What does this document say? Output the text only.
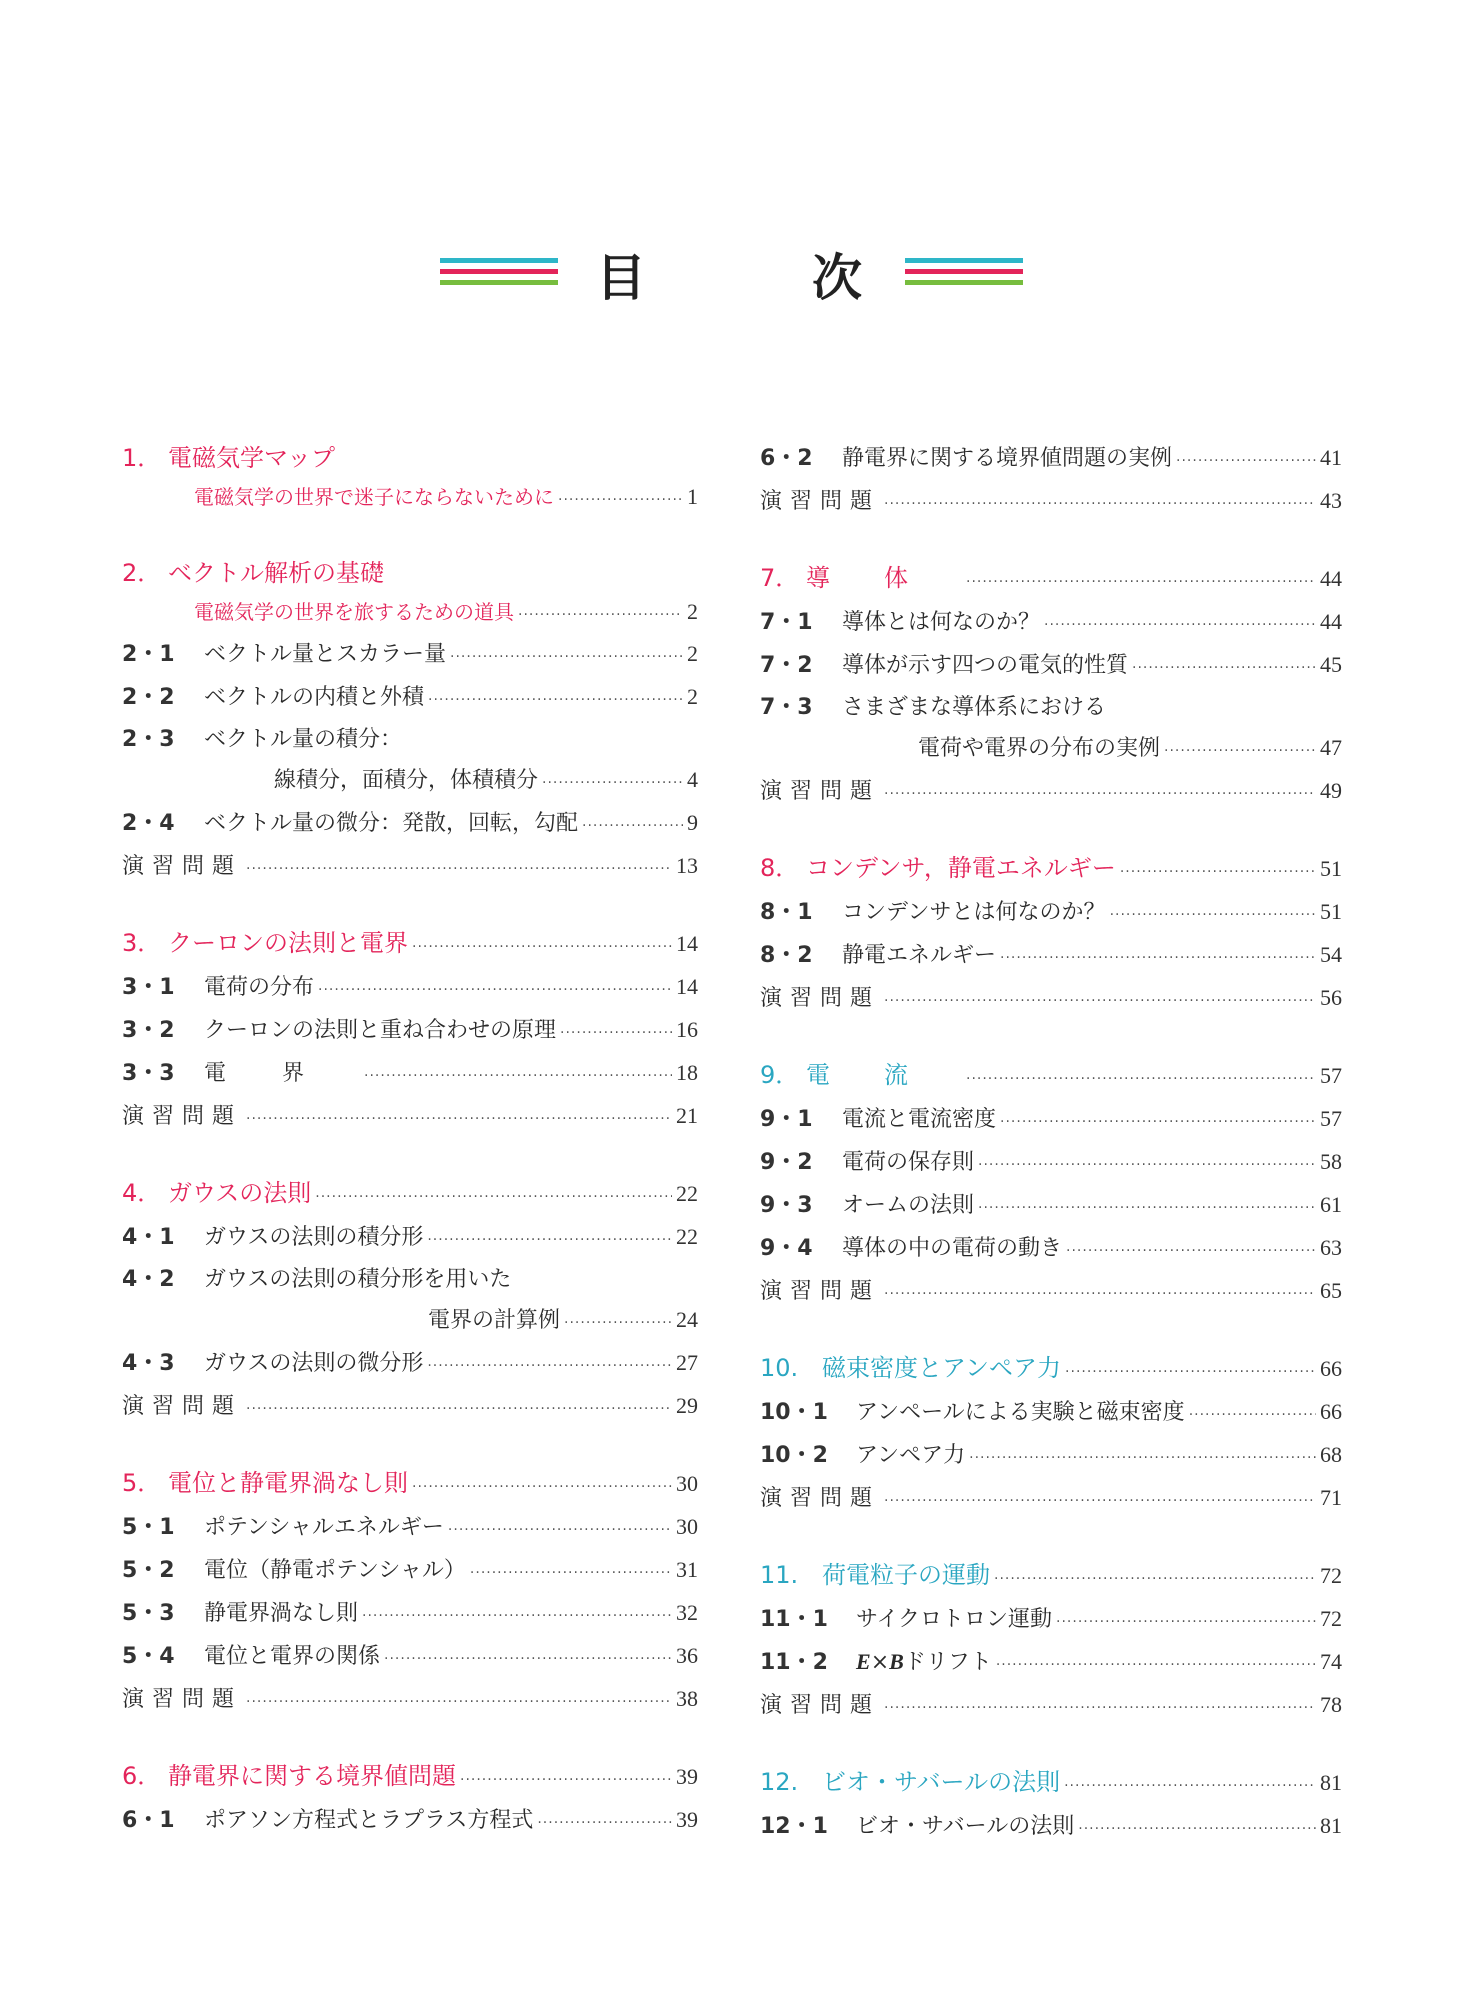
目	次
1． 電磁気学マップ
電磁気学の世界で迷子にならないために ·····	1
2． ベクトル解析の基礎
電磁気学の世界を旅するための道具 ·····	2
2・1	ベクトル量とスカラー量 ·····	2
2・2	ベクトルの内積と外積 ·····	2
2・3	ベクトル量の積分：
線積分，面積分，体積積分 ·····	4
2・4	ベクトル量の微分：発散，回転，勾配 ·····	9
演習問題 ·····	13
3． クーロンの法則と電界 ·····	14
3・1	電荷の分布 ·····	14
3・2	クーロンの法則と重ね合わせの原理 ·····	16
3・3	電界 ·····	18
演習問題 ·····	21
4． ガウスの法則 ·····	22
4・1	ガウスの法則の積分形 ·····	22
4・2	ガウスの法則の積分形を用いた
電界の計算例 ·····	24
4・3	ガウスの法則の微分形 ·····	27
演習問題 ·····	29
5． 電位と静電界渦なし則 ·····	30
5・1	ポテンシャルエネルギー ·····	30
5・2	電位（静電ポテンシャル） ·····	31
5・3	静電界渦なし則 ·····	32
5・4	電位と電界の関係 ·····	36
演習問題 ·····	38
6． 静電界に関する境界値問題 ·····	39
6・1	ポアソン方程式とラプラス方程式 ·····	39
6・2	静電界に関する境界値問題の実例 ·····	41
演習問題 ·····	43
7． 導体 ·····	44
7・1	導体とは何なのか？ ·····	44
7・2	導体が示す四つの電気的性質 ·····	45
7・3	さまざまな導体系における
電荷や電界の分布の実例 ·····	47
演習問題 ·····	49
8． コンデンサ，静電エネルギー ·····	51
8・1	コンデンサとは何なのか？ ·····	51
8・2	静電エネルギー ·····	54
演習問題 ·····	56
9． 電流 ·····	57
9・1	電流と電流密度 ·····	57
9・2	電荷の保存則 ·····	58
9・3	オームの法則 ·····	61
9・4	導体の中の電荷の動き ·····	63
演習問題 ·····	65
10. 磁束密度とアンペア力 ·····	66
10・1	アンペールによる実験と磁束密度 ·····	66
10・2	アンペア力 ·····	68
演習問題 ·····	71
11. 荷電粒子の運動 ·····	72
11・1	サイクロトロン運動 ·····	72
11・2	E×Bドリフト ·····	74
演習問題 ·····	78
12. ビオ・サバールの法則 ·····	81
12・1	ビオ・サバールの法則 ·····	81
